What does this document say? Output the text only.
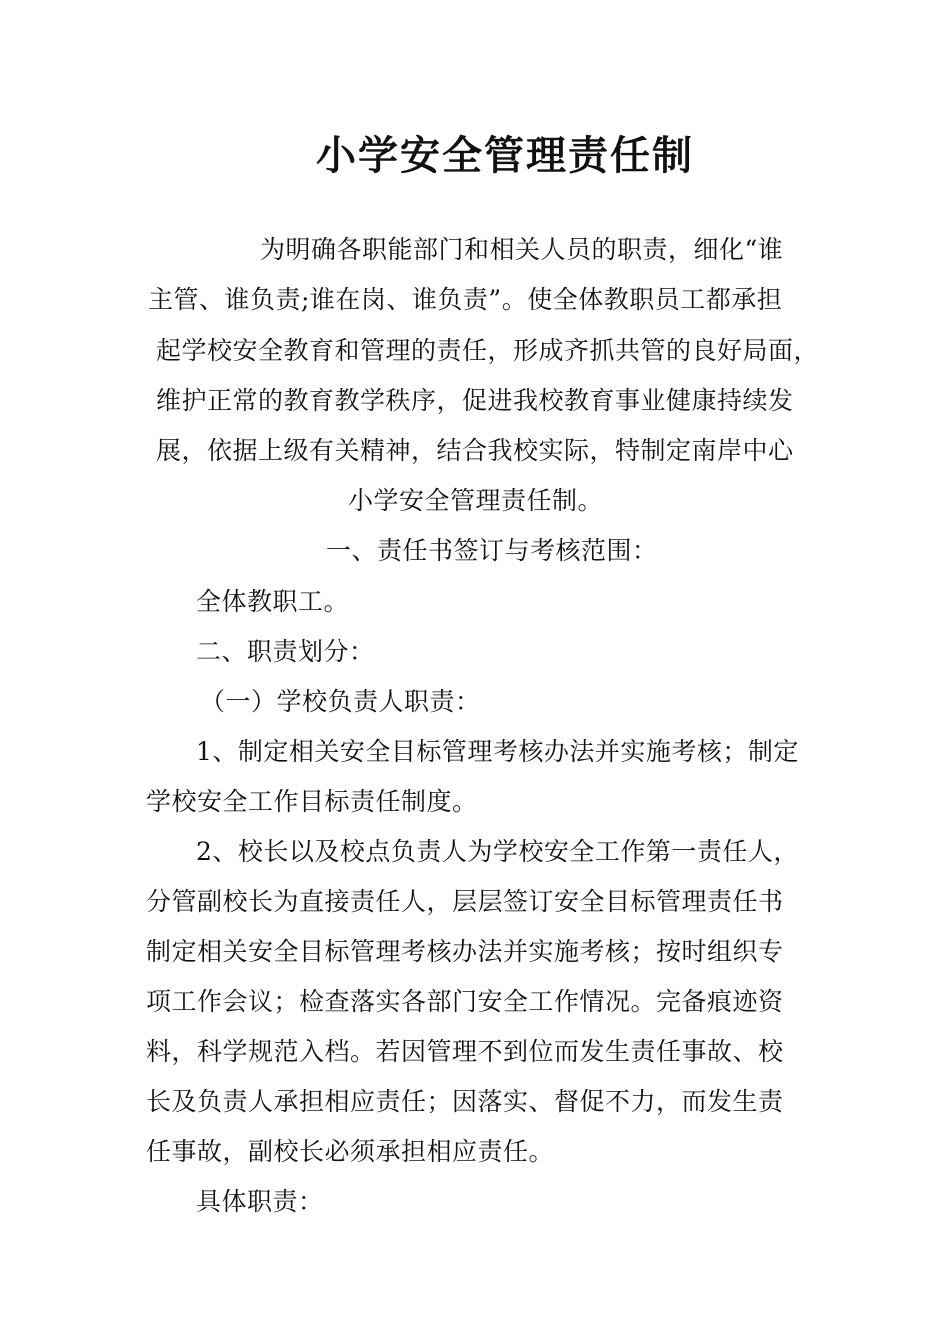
小学安全管理责任制
为明确各职能部门和相关人员的职责，细化“谁
主管、谁负责;谁在岗、谁负责”。使全体教职员工都承担
起学校安全教育和管理的责任，形成齐抓共管的良好局面，
维护正常的教育教学秩序，促进我校教育事业健康持续发
展，依据上级有关精神，结合我校实际，特制定南岸中心
小学安全管理责任制。
一、责任书签订与考核范围：
全体教职工。
二、职责划分：
（一）学校负责人职责：
1、制定相关安全目标管理考核办法并实施考核；制定
学校安全工作目标责任制度。
2、校长以及校点负责人为学校安全工作第一责任人，
分管副校长为直接责任人，层层签订安全目标管理责任书
制定相关安全目标管理考核办法并实施考核；按时组织专
项工作会议；检查落实各部门安全工作情况。完备痕迹资
料，科学规范入档。若因管理不到位而发生责任事故、校
长及负责人承担相应责任；因落实、督促不力，而发生责
任事故，副校长必须承担相应责任。
具体职责：
